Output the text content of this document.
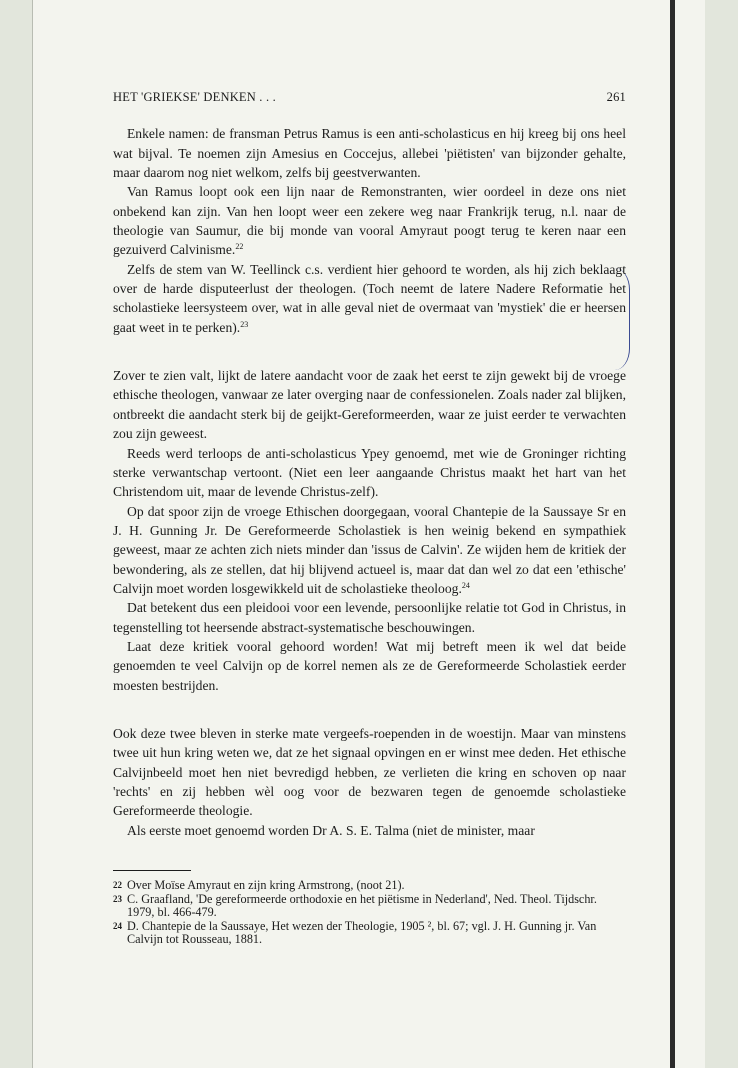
HET 'GRIEKSE' DENKEN . . .	261

Enkele namen: de fransman Petrus Ramus is een anti-scholasticus en hij kreeg bij ons heel wat bijval. Te noemen zijn Amesius en Coccejus, allebei 'piëtisten' van bijzonder gehalte, maar daarom nog niet welkom, zelfs bij geestverwanten.

Van Ramus loopt ook een lijn naar de Remonstranten, wier oordeel in deze ons niet onbekend kan zijn. Van hen loopt weer een zekere weg naar Frankrijk terug, n.l. naar de theologie van Saumur, die bij monde van vooral Amyraut poogt terug te keren naar een gezuiverd Calvinisme.$^{22}$

Zelfs de stem van W. Teellinck c.s. verdient hier gehoord te worden, als hij zich beklaagt over de harde disputeerlust der theologen. (Toch neemt de latere Nadere Reformatie het scholastieke leersysteem over, wat in alle geval niet de overmaat van 'mystiek' die er heersen gaat weet in te perken).$^{23}$

Zover te zien valt, lijkt de latere aandacht voor de zaak het eerst te zijn gewekt bij de vroege ethische theologen, vanwaar ze later overging naar de confessionelen. Zoals nader zal blijken, ontbreekt die aandacht sterk bij de geijkt-Gereformeerden, waar ze juist eerder te verwachten zou zijn geweest.

Reeds werd terloops de anti-scholasticus Ypey genoemd, met wie de Groninger richting sterke verwantschap vertoont. (Niet een leer aangaande Christus maakt het hart van het Christendom uit, maar de levende Christus-zelf).

Op dat spoor zijn de vroege Ethischen doorgegaan, vooral Chantepie de la Saussaye Sr en J. H. Gunning Jr. De Gereformeerde Scholastiek is hen weinig bekend en sympathiek geweest, maar ze achten zich niets minder dan 'issus de Calvin'. Ze wijden hem de kritiek der bewondering, als ze stellen, dat hij blijvend actueel is, maar dat dan wel zo dat een 'ethische' Calvijn moet worden losgewikkeld uit de scholastieke theoloog.$^{24}$

Dat betekent dus een pleidooi voor een levende, persoonlijke relatie tot God in Christus, in tegenstelling tot heersende abstract-systematische beschouwingen.

Laat deze kritiek vooral gehoord worden! Wat mij betreft meen ik wel dat beide genoemden te veel Calvijn op de korrel nemen als ze de Gereformeerde Scholastiek eerder moesten bestrijden.

Ook deze twee bleven in sterke mate vergeefs-roependen in de woestijn. Maar van minstens twee uit hun kring weten we, dat ze het signaal opvingen en er winst mee deden. Het ethische Calvijnbeeld moet hen niet bevredigd hebben, ze verlieten die kring en schoven op naar 'rechts' en zij hebben wèl oog voor de bezwaren tegen de genoemde scholastieke Gereformeerde theologie.

Als eerste moet genoemd worden Dr A. S. E. Talma (niet de minister, maar

22 Over Moïse Amyraut en zijn kring Armstrong, (noot 21).

23 C. Graafland, 'De gereformeerde orthodoxie en het piëtisme in Nederland', Ned. Theol. Tijdschr. 1979, bl. 466-479.

24 D. Chantepie de la Saussaye, Het wezen der Theologie, 1905 ², bl. 67; vgl. J. H. Gunning jr. Van Calvijn tot Rousseau, 1881.
